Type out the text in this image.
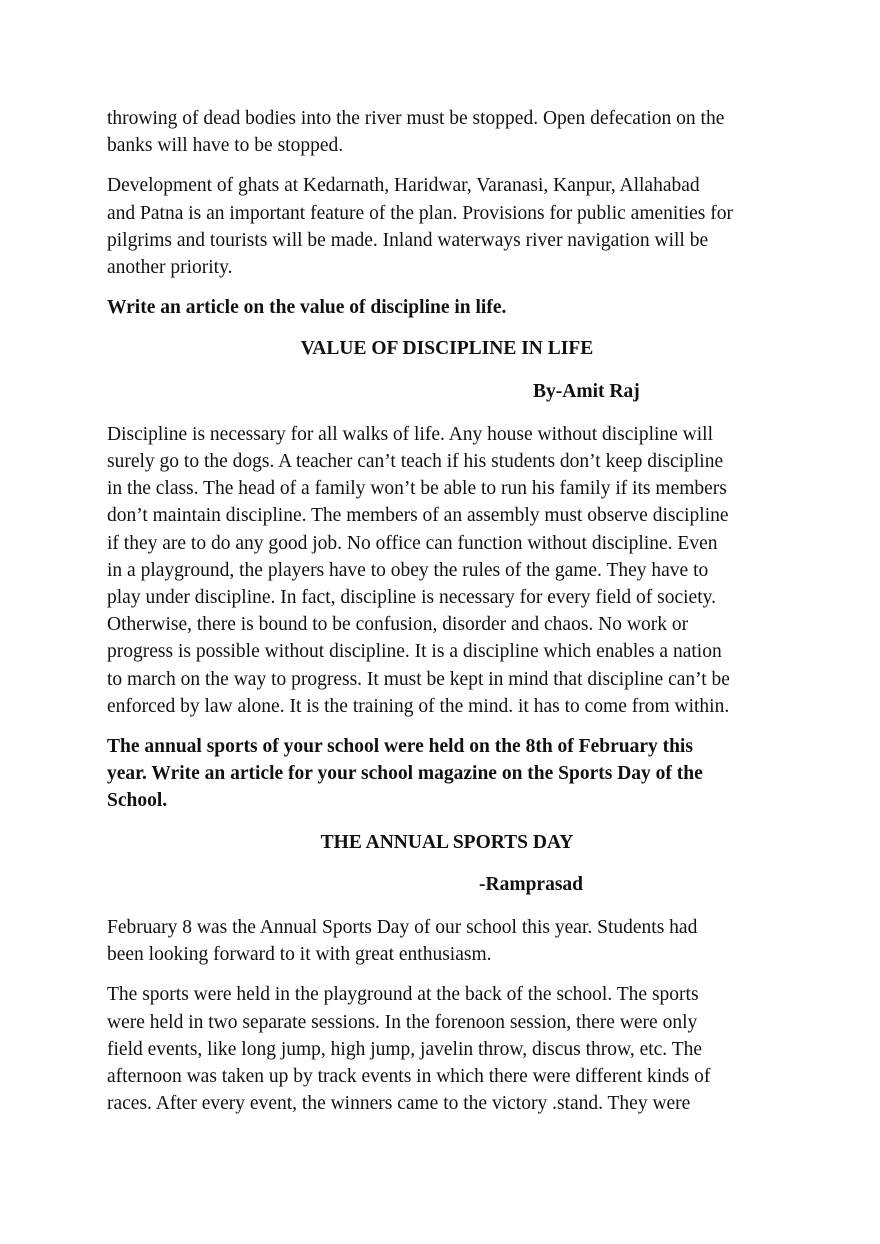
throwing of dead bodies into the river must be stopped. Open defecation on the
banks will have to be stopped.

Development of ghats at Kedarnath, Haridwar, Varanasi, Kanpur, Allahabad
and Patna is an important feature of the plan. Provisions for public amenities for
pilgrims and tourists will be made. Inland waterways river navigation will be
another priority.

Write an article on the value of discipline in life.

VALUE OF DISCIPLINE IN LIFE

By-Amit Raj

Discipline is necessary for all walks of life. Any house without discipline will
surely go to the dogs. A teacher can’t teach if his students don’t keep discipline
in the class. The head of a family won’t be able to run his family if its members
don’t maintain discipline. The members of an assembly must observe discipline
if they are to do any good job. No office can function without discipline. Even
in a playground, the players have to obey the rules of the game. They have to
play under discipline. In fact, discipline is necessary for every field of society.
Otherwise, there is bound to be confusion, disorder and chaos. No work or
progress is possible without discipline. It is a discipline which enables a nation
to march on the way to progress. It must be kept in mind that discipline can’t be
enforced by law alone. It is the training of the mind. it has to come from within.

The annual sports of your school were held on the 8th of February this
year. Write an article for your school magazine on the Sports Day of the
School.

THE ANNUAL SPORTS DAY

-Ramprasad

February 8 was the Annual Sports Day of our school this year. Students had
been looking forward to it with great enthusiasm.

The sports were held in the playground at the back of the school. The sports
were held in two separate sessions. In the forenoon session, there were only
field events, like long jump, high jump, javelin throw, discus throw, etc. The
afternoon was taken up by track events in which there were different kinds of
races. After every event, the winners came to the victory .stand. They were
